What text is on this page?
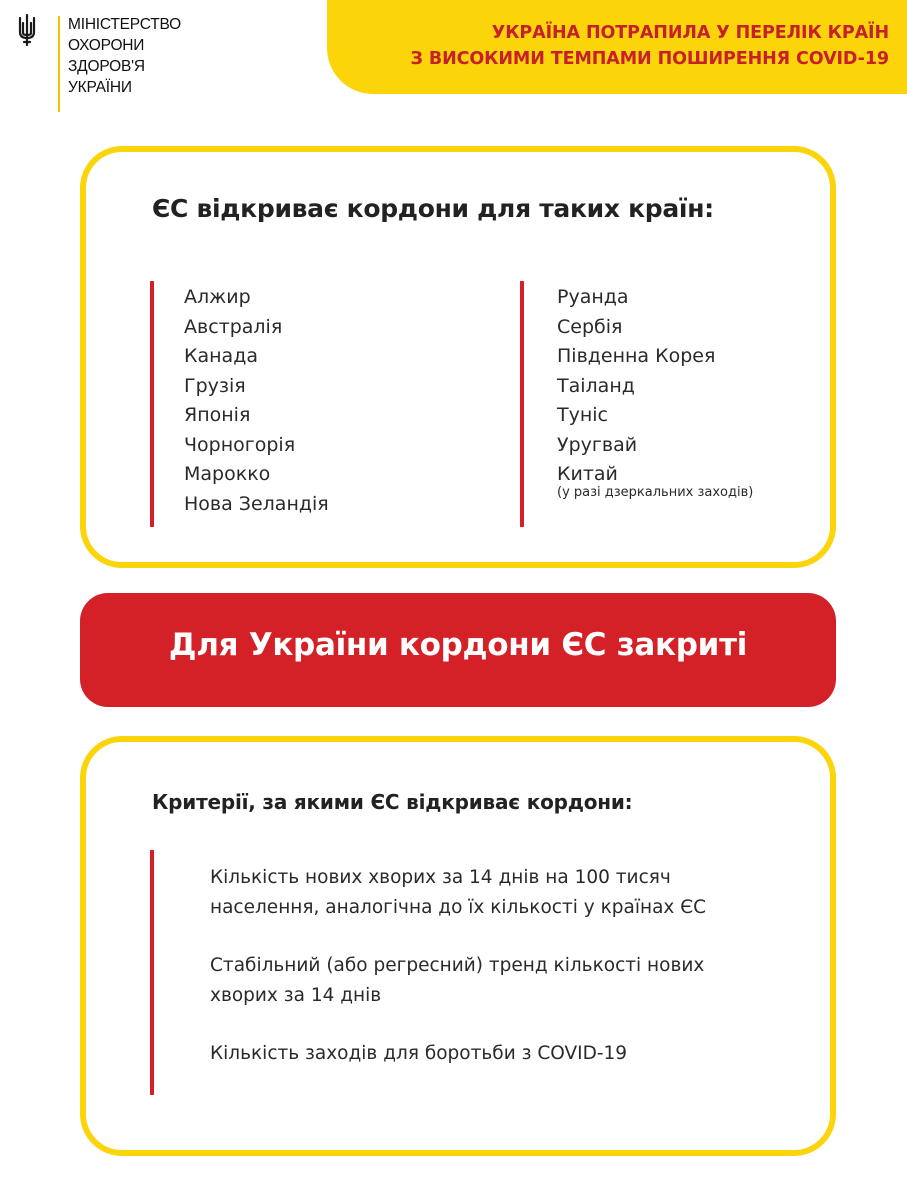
МІНІСТЕРСТВО
ОХОРОНИ
ЗДОРОВ'Я
УКРАЇНИ
УКРАЇНА ПОТРАПИЛА У ПЕРЕЛІК КРАЇН
З ВИСОКИМИ ТЕМПАМИ ПОШИРЕННЯ COVID-19
ЄС відкриває кордони для таких країн:
Алжир
Австралія
Канада
Грузія
Японія
Чорногорія
Марокко
Нова Зеландія
Руанда
Сербія
Південна Корея
Таіланд
Туніс
Уругвай
Китай
(у разі дзеркальних заходів)
Для України кордони ЄС закриті
Критерії, за якими ЄС відкриває кордони:
Кількість нових хворих за 14 днів на 100 тисяч
населення, аналогічна до їх кількості у країнах ЄС
Стабільний (або регресний) тренд кількості нових
хворих за 14 днів
Кількість заходів для боротьби з COVID-19
